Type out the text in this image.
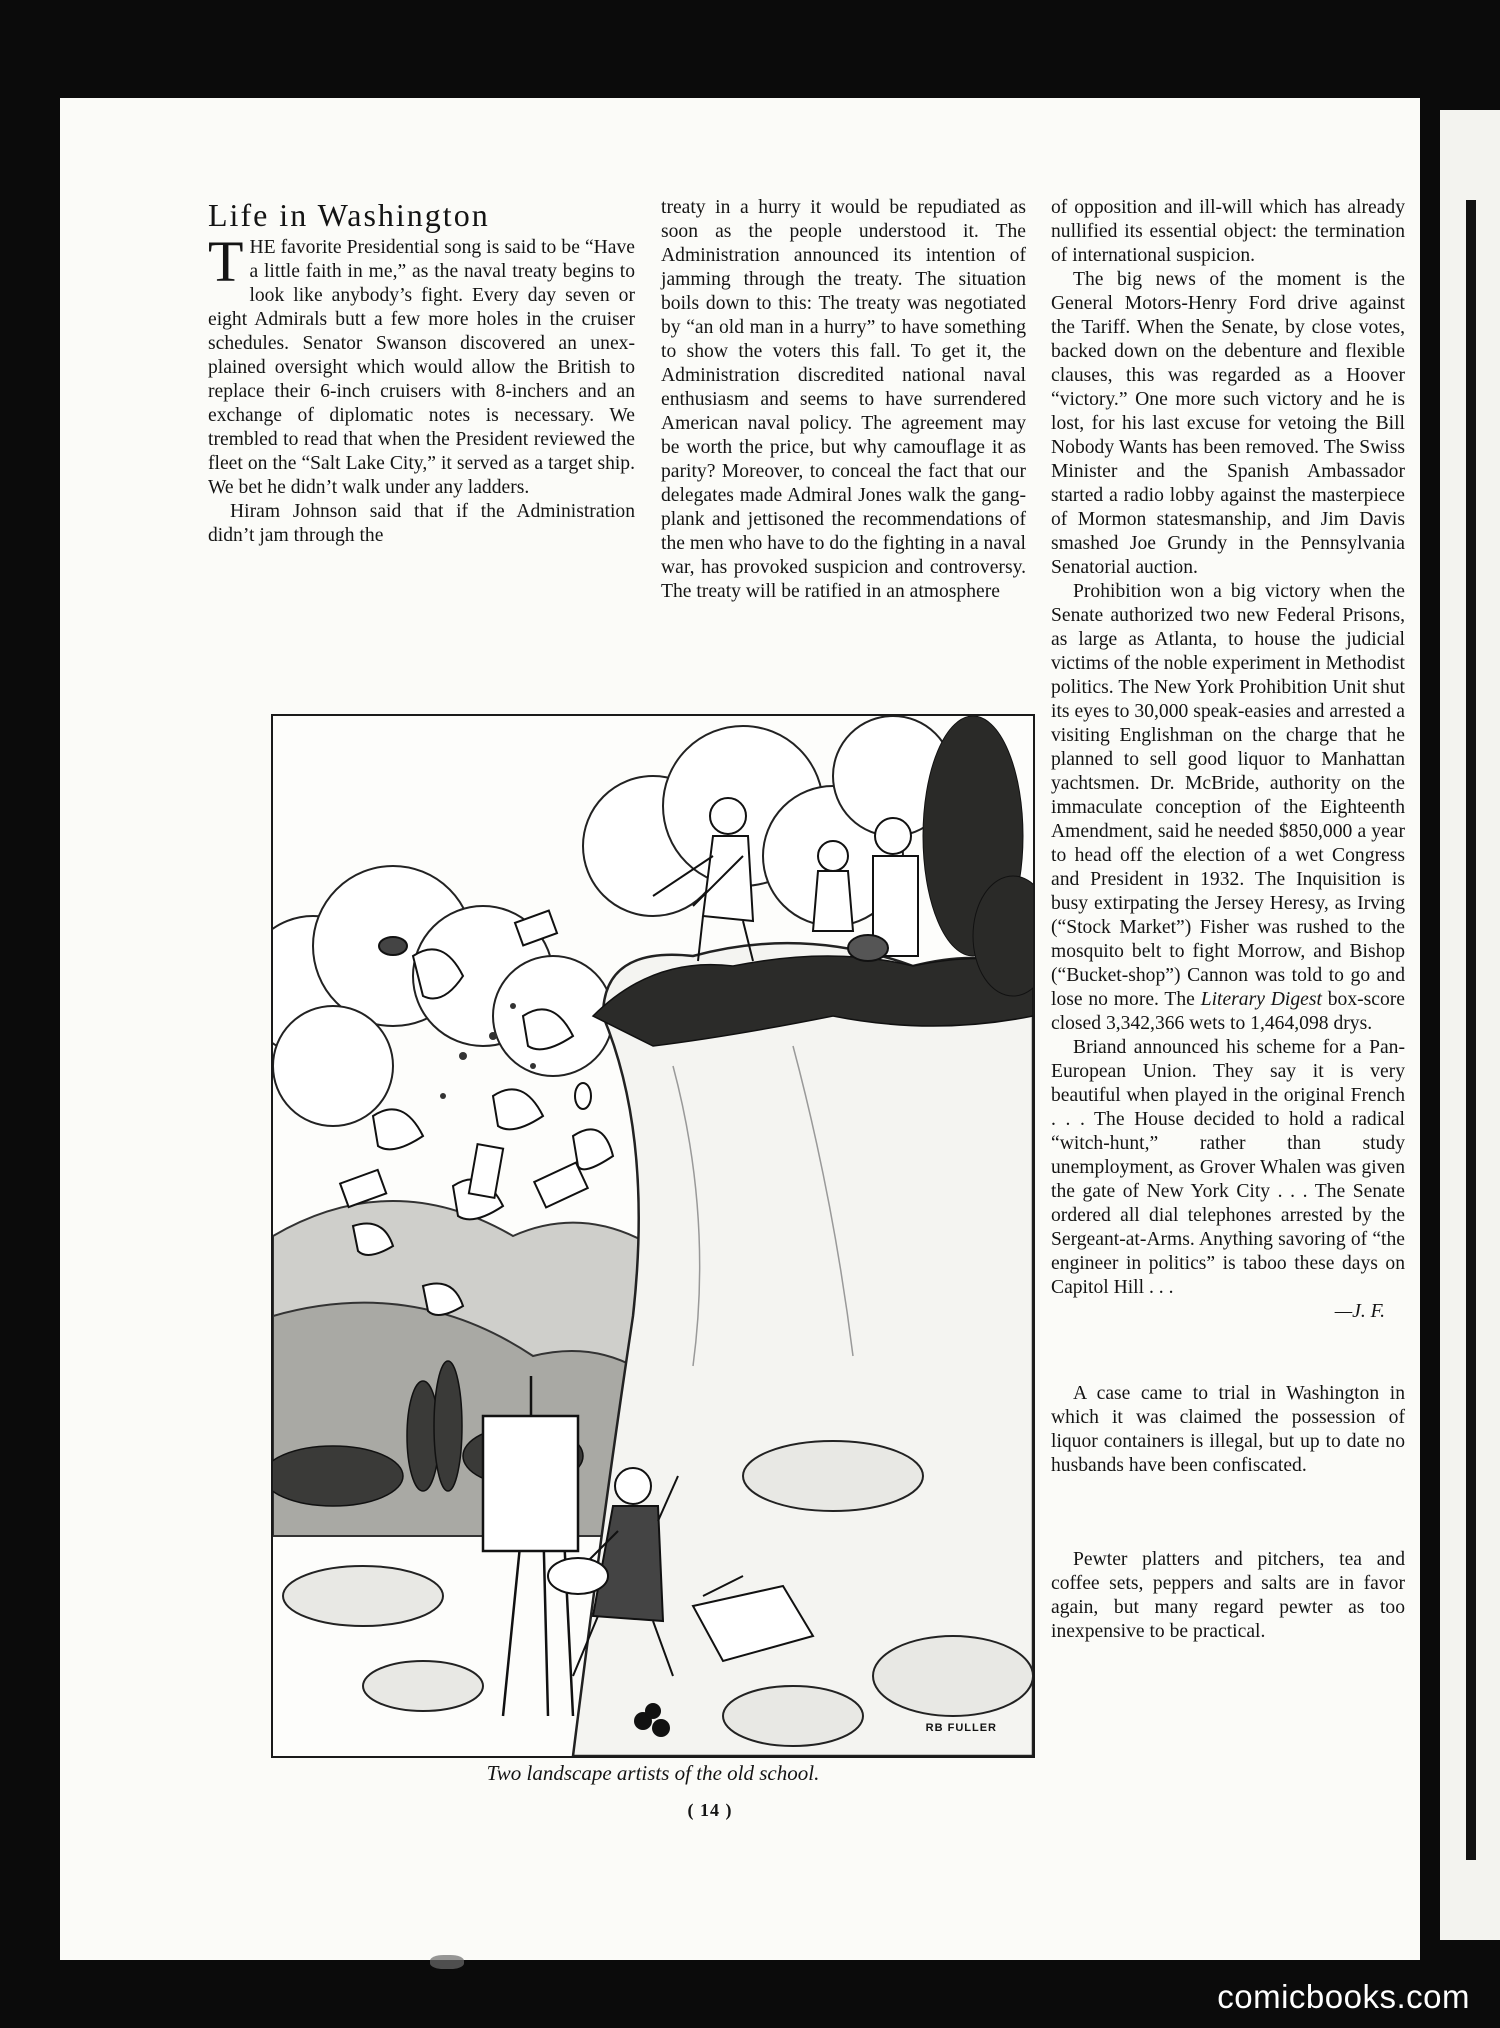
Life in Washington

THE favorite Presidential song is said to be “Have a little faith in me,” as the naval treaty begins to look like anybody’s fight. Every day seven or eight Admirals butt a few more holes in the cruiser schedules. Senator Swanson discovered an unexplained oversight which would allow the British to replace their 6-inch cruisers with 8-inchers and an exchange of diplomatic notes is necessary. We trembled to read that when the President reviewed the fleet on the “Salt Lake City,” it served as a target ship. We bet he didn’t walk under any ladders.

Hiram Johnson said that if the Administration didn’t jam through the

treaty in a hurry it would be repudiated as soon as the people understood it. The Administration announced its intention of jamming through the treaty. The situation boils down to this: The treaty was negotiated by “an old man in a hurry” to have something to show the voters this fall. To get it, the Administration discredited national naval enthusiasm and seems to have surrendered American naval policy. The agreement may be worth the price, but why camouflage it as parity? Moreover, to conceal the fact that our delegates made Admiral Jones walk the gang-plank and jettisoned the recommendations of the men who have to do the fighting in a naval war, has provoked suspicion and controversy. The treaty will be ratified in an atmosphere

of opposition and ill-will which has already nullified its essential object: the termination of international suspicion.

The big news of the moment is the General Motors-Henry Ford drive against the Tariff. When the Senate, by close votes, backed down on the debenture and flexible clauses, this was regarded as a Hoover “victory.” One more such victory and he is lost, for his last excuse for vetoing the Bill Nobody Wants has been removed. The Swiss Minister and the Spanish Ambassador started a radio lobby against the masterpiece of Mormon statesmanship, and Jim Davis smashed Joe Grundy in the Pennsylvania Senatorial auction.

Prohibition won a big victory when the Senate authorized two new Federal Prisons, as large as Atlanta, to house the judicial victims of the noble experiment in Methodist politics. The New York Prohibition Unit shut its eyes to 30,000 speak-easies and arrested a visiting Englishman on the charge that he planned to sell good liquor to Manhattan yachtsmen. Dr. McBride, authority on the immaculate conception of the Eighteenth Amendment, said he needed $850,000 a year to head off the election of a wet Congress and President in 1932. The Inquisition is busy extirpating the Jersey Heresy, as Irving (“Stock Market”) Fisher was rushed to the mosquito belt to fight Morrow, and Bishop (“Bucket-shop”) Cannon was told to go and lose no more. The Literary Digest box-score closed 3,342,366 wets to 1,464,098 drys.

Briand announced his scheme for a Pan-European Union. They say it is very beautiful when played in the original French . . . The House decided to hold a radical “witch-hunt,” rather than study unemployment, as Grover Whalen was given the gate of New York City . . . The Senate ordered all dial telephones arrested by the Sergeant-at-Arms. Anything savoring of “the engineer in politics” is taboo these days on Capitol Hill . . .

—J. F.

A case came to trial in Washington in which it was claimed the possession of liquor containers is illegal, but up to date no husbands have been confiscated.

Pewter platters and pitchers, tea and coffee sets, peppers and salts are in favor again, but many regard pewter as too inexpensive to be practical.

RB FULLER
Two landscape artists of the old school.
( 14 )
comicbooks.com
